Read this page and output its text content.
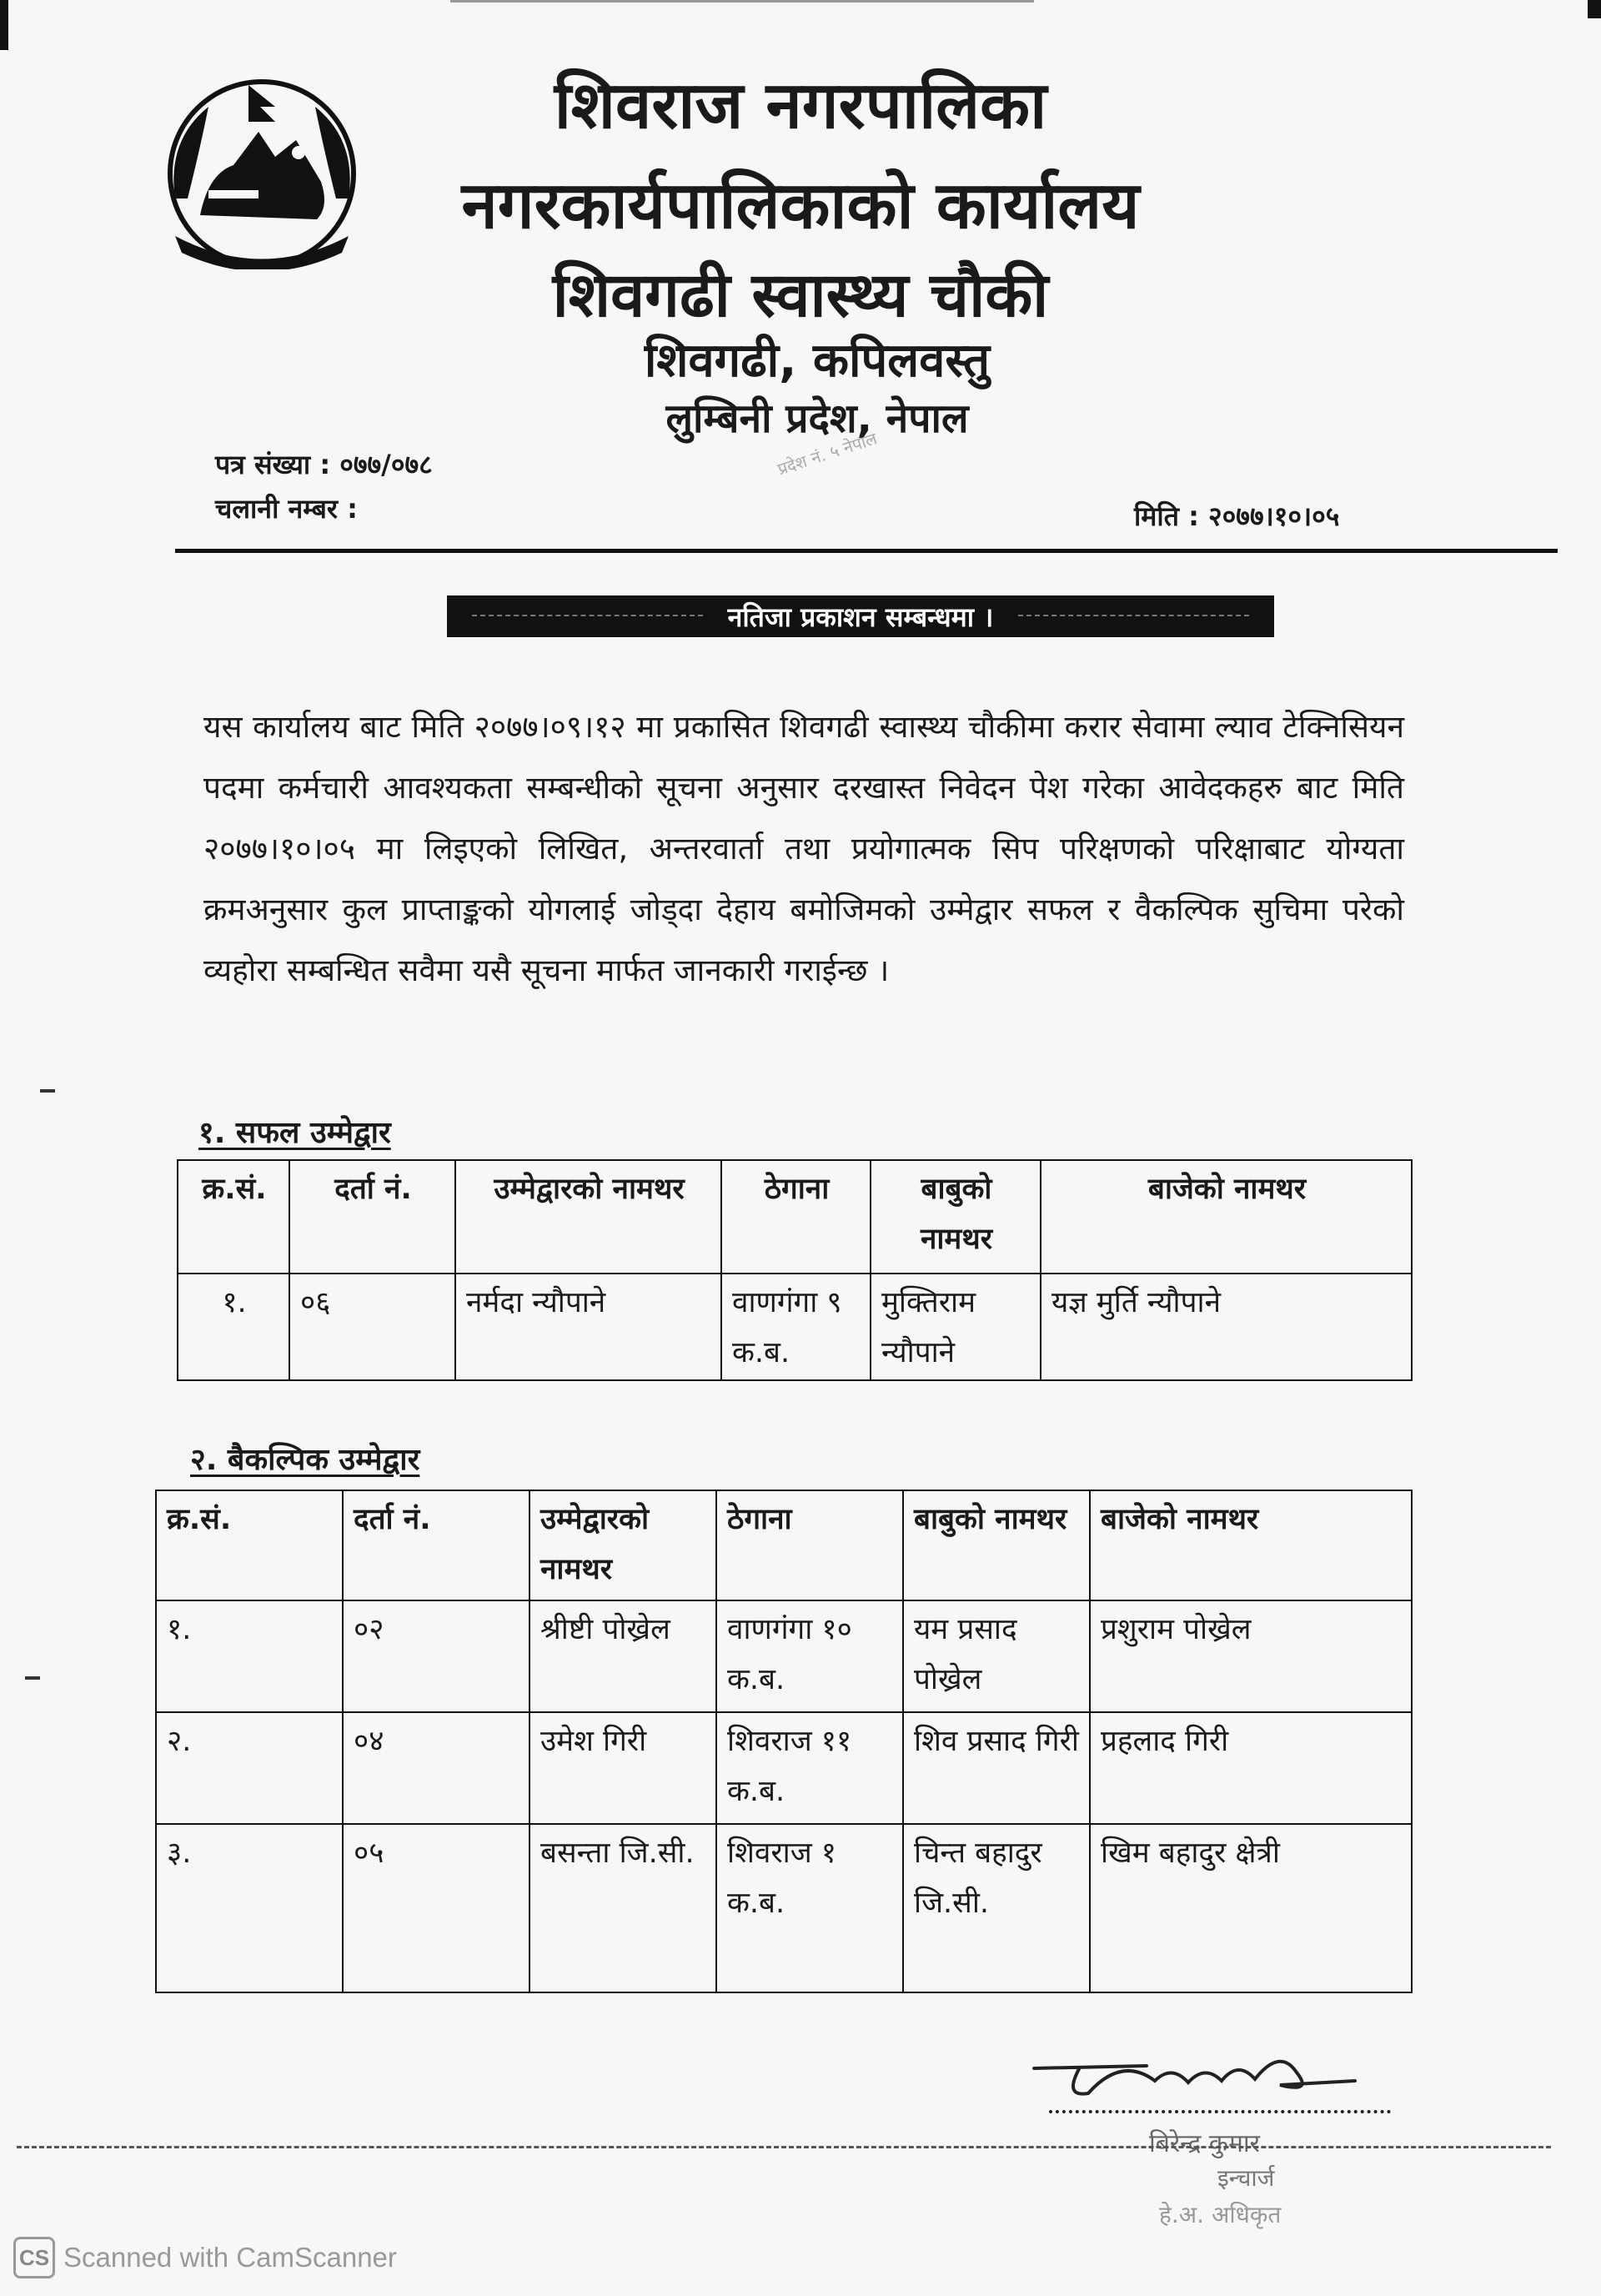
शिवराज नगरपालिका
नगरकार्यपालिकाको कार्यालय
शिवगढी स्वास्थ्य चौकी
शिवगढी, कपिलवस्तु
लुम्बिनी प्रदेश, नेपाल
पत्र संख्या : ०७७/०७८
चलानी नम्बर :	मिति : २०७७।१०।०५
प्रदेश नं. ५ नेपाल
नतिजा प्रकाशन सम्बन्धमा ।
यस कार्यालय बाट मिति २०७७।०९।१२ मा प्रकासित शिवगढी स्वास्थ्य चौकीमा करार सेवामा ल्याव टेक्निसियन पदमा कर्मचारी आवश्यकता सम्बन्धीको सूचना अनुसार दरखास्त निवेदन पेश गरेका आवेदकहरु बाट मिति २०७७।१०।०५ मा लिइएको लिखित, अन्तरवार्ता तथा प्रयोगात्मक सिप परिक्षणको परिक्षाबाट योग्यता क्रमअनुसार कुल प्राप्ताङ्कको योगलाई जोड्दा देहाय बमोजिमको उम्मेद्वार सफल र वैकल्पिक सुचिमा परेको व्यहोरा सम्बन्धित सवैमा यसै सूचना मार्फत जानकारी गराईन्छ ।
१. सफल उम्मेद्वार
क्र.सं.	दर्ता नं.	उम्मेद्वारको नामथर	ठेगाना	बाबुको नामथर	बाजेको नामथर
१.	०६	नर्मदा न्यौपाने	वाणगंगा ९ क.ब.	मुक्तिराम न्यौपाने	यज्ञ मुर्ति न्यौपाने
२. बैकल्पिक उम्मेद्वार
क्र.सं.	दर्ता नं.	उम्मेद्वारको नामथर	ठेगाना	बाबुको नामथर	बाजेको नामथर
१.	०२	श्रीष्टी पोख्रेल	वाणगंगा १० क.ब.	यम प्रसाद पोख्रेल	प्रशुराम पोख्रेल
२.	०४	उमेश गिरी	शिवराज ११ क.ब.	शिव प्रसाद गिरी	प्रहलाद गिरी
३.	०५	बसन्ता जि.सी.	शिवराज १ क.ब.	चिन्त बहादुर जि.सी.	खिम बहादुर क्षेत्री
बिरेन्द्र कुमार
इन्चार्ज
हे.अ. अधिकृत
CS Scanned with CamScanner
